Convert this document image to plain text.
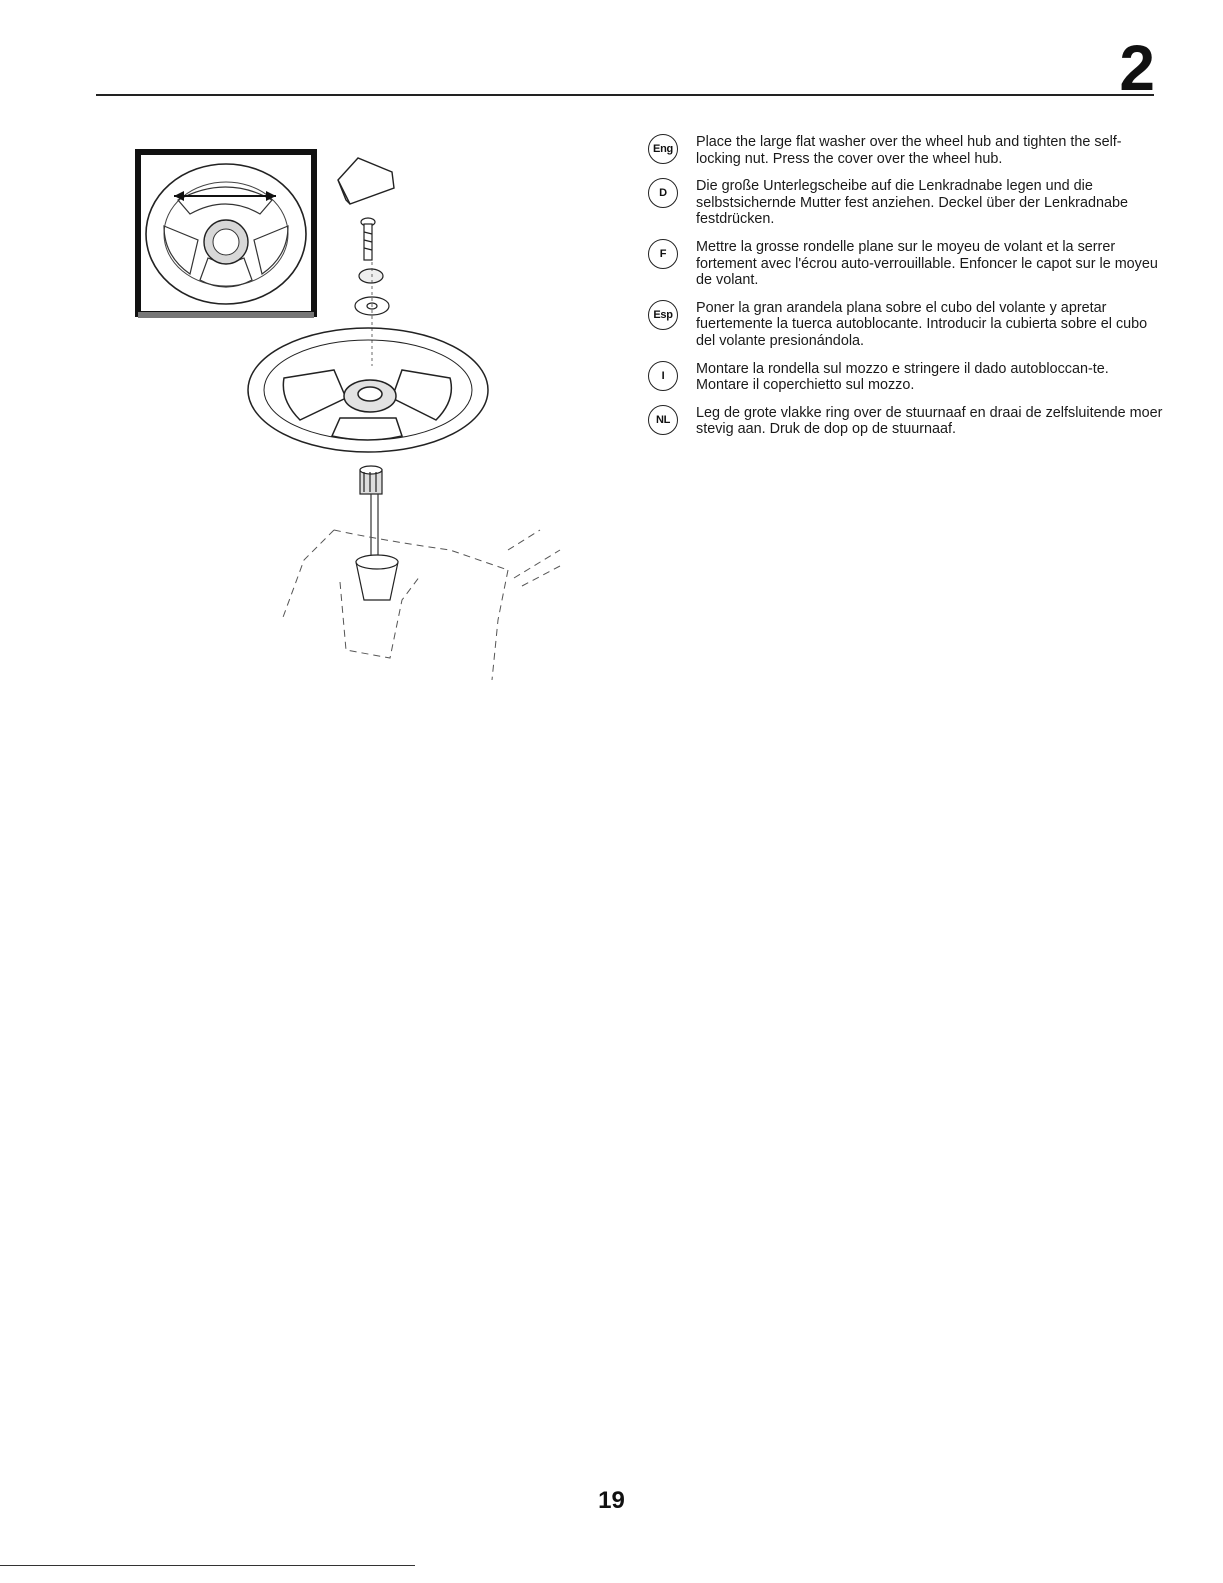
2
Eng	Place the large flat washer over the wheel hub and tighten the self-locking nut. Press the cover over the wheel hub.
D	Die große Unterlegscheibe auf die Lenkradnabe legen und die selbstsichernde Mutter fest anziehen. Deckel über der Lenkradnabe festdrücken.
F	Mettre la grosse rondelle plane sur le moyeu de volant et la serrer fortement avec l'écrou auto-verrouillable. Enfoncer le capot sur le moyeu de volant.
Esp	Poner la gran arandela plana sobre el cubo del volante y apretar fuertemente la tuerca autoblocante. Introducir la cubierta sobre el cubo del volante presionándola.
I	Montare la rondella sul mozzo e stringere il dado autobloccan-te. Montare il coperchietto sul mozzo.
NL	Leg de grote vlakke ring over de stuurnaaf en draai de zelfsluitende moer stevig aan. Druk de dop op de stuurnaaf.
19
